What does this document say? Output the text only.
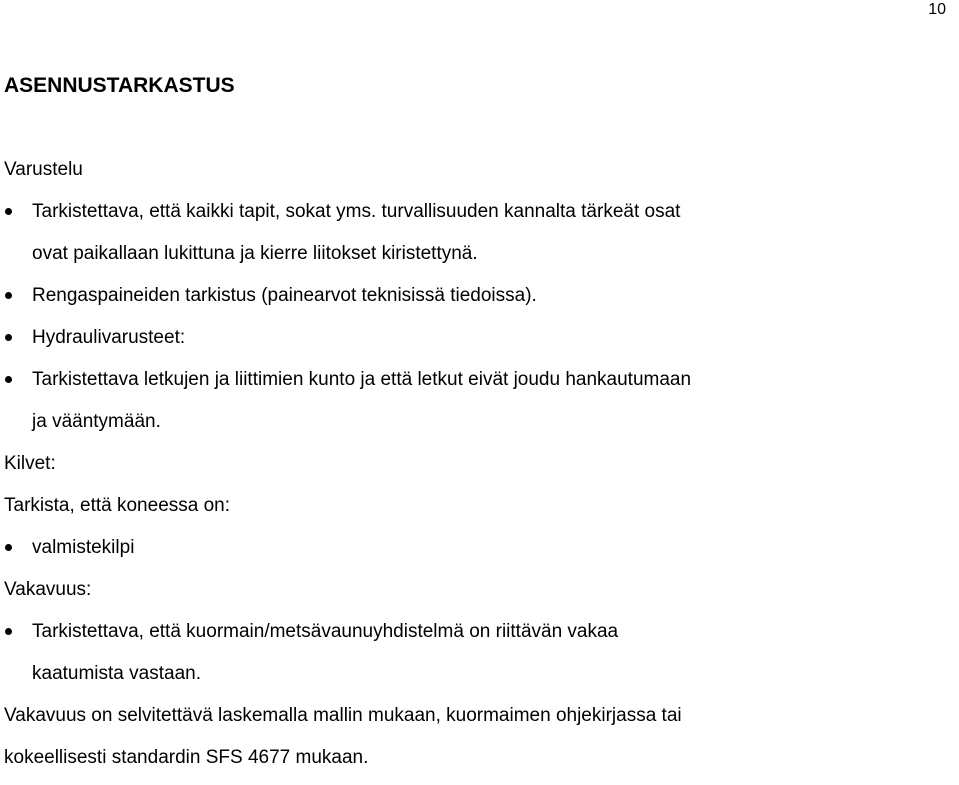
10
ASENNUSTARKASTUS
Varustelu
Tarkistettava, että kaikki tapit, sokat yms. turvallisuuden kannalta tärkeät osat
ovat paikallaan lukittuna ja kierre liitokset kiristettynä.
Rengaspaineiden tarkistus (painearvot teknisissä tiedoissa).
Hydraulivarusteet:
Tarkistettava letkujen ja liittimien kunto ja että letkut eivät joudu hankautumaan
ja vääntymään.
Kilvet:
Tarkista, että koneessa on:
valmistekilpi
Vakavuus:
Tarkistettava, että kuormain/metsävaunuyhdistelmä on riittävän vakaa
kaatumista vastaan.
Vakavuus on selvitettävä laskemalla mallin mukaan, kuormaimen ohjekirjassa tai
kokeellisesti standardin SFS 4677 mukaan.
